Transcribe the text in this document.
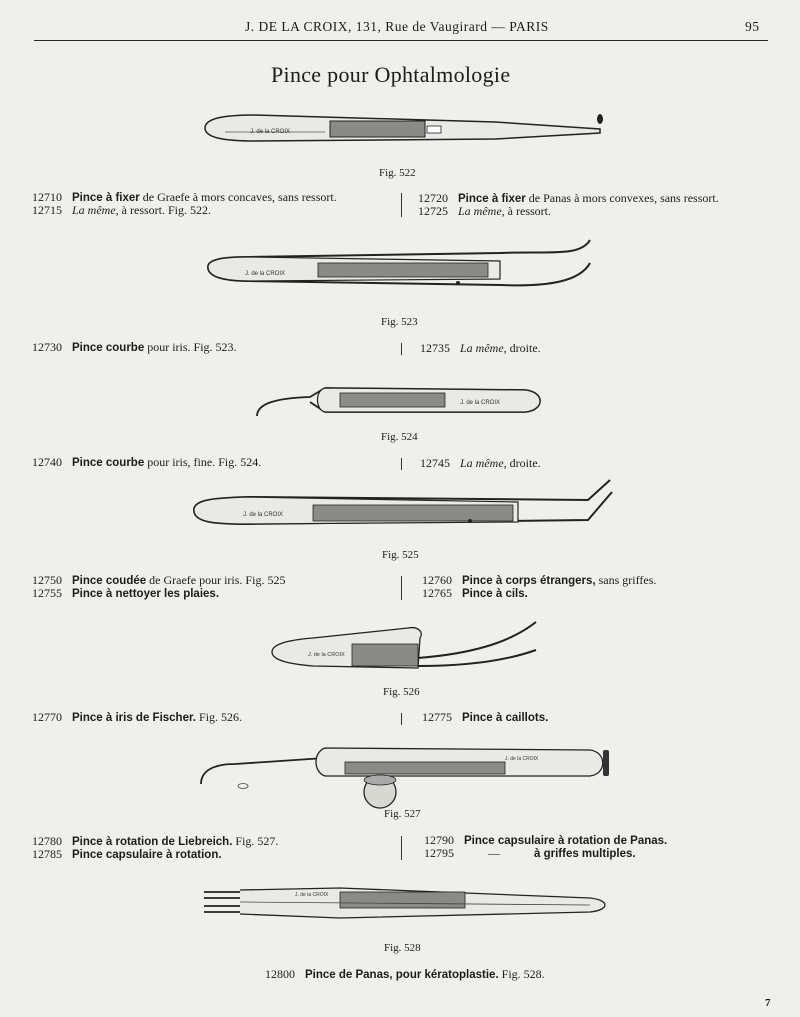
J. DE LA CROIX, 131, Rue de Vaugirard — PARIS	95
Pince pour Ophtalmologie
J. de la CROIX
Fig. 522
12710 Pince à fixer de Graefe à mors concaves, sans ressort.
12715 La même, à ressort. Fig. 522.
12720 Pince à fixer de Panas à mors convexes, sans ressort.
12725 La même, à ressort.
J. de la CROIX
Fig. 523
12730 Pince courbe pour iris. Fig. 523.	12735 La même, droite.
J. de la CROIX
Fig. 524
12740 Pince courbe pour iris, fine. Fig. 524.	12745 La même, droite.
J. de la CROIX
Fig. 525
12750 Pince coudée de Graefe pour iris. Fig. 525
12755 Pince à nettoyer les plaies.
12760 Pince à corps étrangers, sans griffes.
12765 Pince à cils.
J. de la CROIX
Fig. 526
12770 Pince à iris de Fischer. Fig. 526.	12775 Pince à caillots.
J. de la CROIX
Fig. 527
12780 Pince à rotation de Liebreich. Fig. 527.
12785 Pince capsulaire à rotation.
12790 Pince capsulaire à rotation de Panas.
12795	—	à griffes multiples.
J. de la CROIX
Fig. 528
12800 Pince de Panas, pour kératoplastie. Fig. 528.
7
